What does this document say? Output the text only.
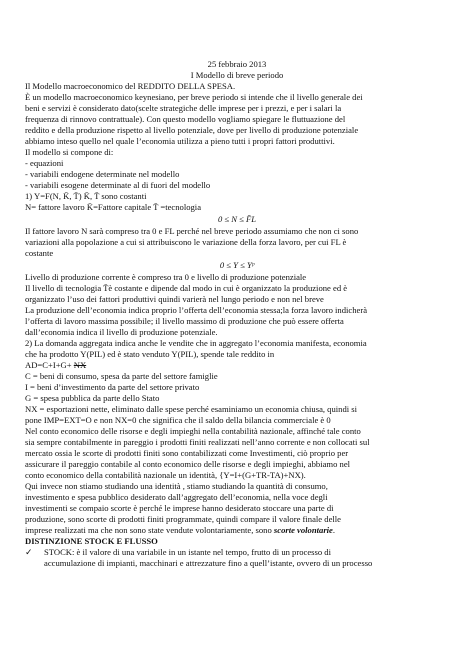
25 febbraio 2013
I Modello di breve periodo
Il Modello macroeconomico del REDDITO DELLA SPESA.
È un modello macroeconomico keynesiano, per breve periodo si intende che il livello generale dei
beni e servizi è considerato dato(scelte strategiche delle imprese per i prezzi, e per i salari la
frequenza di rinnovo contrattuale). Con questo modello vogliamo spiegare le fluttuazione del
reddito e della produzione rispetto al livello potenziale, dove per livello di produzione potenziale
abbiamo inteso quello nel quale l’economia utilizza a pieno tutti i propri fattori produttivi.
Il modello si compone di:
- equazioni
- variabili endogene determinate nel modello
- variabili esogene determinate al di fuori del modello
1) Y=F(N, K̄, T̄) K̄, T̄ sono costanti
N= fattore lavoro K̄=Fattore capitale T̄ =tecnologia
0 ≤ N ≤ F̄L
Il fattore lavoro N sarà compreso tra 0 e FL perché nel breve periodo assumiamo che non ci sono
variazioni alla popolazione a cui si attribuiscono le variazione della forza lavoro, per cui FL è
costante
0 ≤ Y ≤ Yᵖ
Livello di produzione corrente è compreso tra 0 e livello di produzione potenziale
Il livello di tecnologia T̄è costante e dipende dal modo in cui è organizzato la produzione ed è
organizzato l’uso dei fattori produttivi quindi varierà nel lungo periodo e non nel breve
La produzione dell’economia indica proprio l’offerta dell’economia stessa;la forza lavoro indicherà
l’offerta di lavoro massima possibile; il livello massimo di produzione che può essere offerta
dall’economia indica il livello di produzione potenziale.
2) La domanda aggregata indica anche le vendite che in aggregato l’economia manifesta, economia
che ha prodotto Y(PIL) ed è stato venduto Y(PIL), spende tale reddito in
AD=C+I+G+ NX
C = beni di consumo, spesa da parte del settore famiglie
I = beni d’investimento da parte del settore privato
G = spesa pubblica da parte dello Stato
NX = esportazioni nette, eliminato dalle spese perché esaminiamo un economia chiusa, quindi si
pone IMP=EXT=O e non NX=0 che significa che il saldo della bilancia commerciale è 0
Nel conto economico delle risorse e degli impieghi nella contabilità nazionale, affinché tale conto
sia sempre contabilmente in pareggio i prodotti finiti realizzati nell’anno corrente e non collocati sul
mercato ossia le scorte di prodotti finiti sono contabilizzati come Investimenti, ciò proprio per
assicurare il pareggio contabile al conto economico delle risorse e degli impieghi, abbiamo nel
conto economico della contabilità nazionale un identità, {Y=I+(G+TR-TA)+NX).
Qui invece non stiamo studiando una identità , stiamo studiando la quantità di consumo,
investimento e spesa pubblico desiderato dall’aggregato dell’economia, nella voce degli
investimenti se compaio scorte è perché le imprese hanno desiderato stoccare una parte di
produzione, sono scorte di prodotti finiti programmate, quindi compare il valore finale delle
imprese realizzati ma che non sono state vendute volontariamente, sono scorte volontarie.
DISTINZIONE STOCK E FLUSSO
✓ STOCK: è il valore di una variabile in un istante nel tempo, frutto di un processo di
accumulazione di impianti, macchinari e attrezzature fino a quell’istante, ovvero di un processo
